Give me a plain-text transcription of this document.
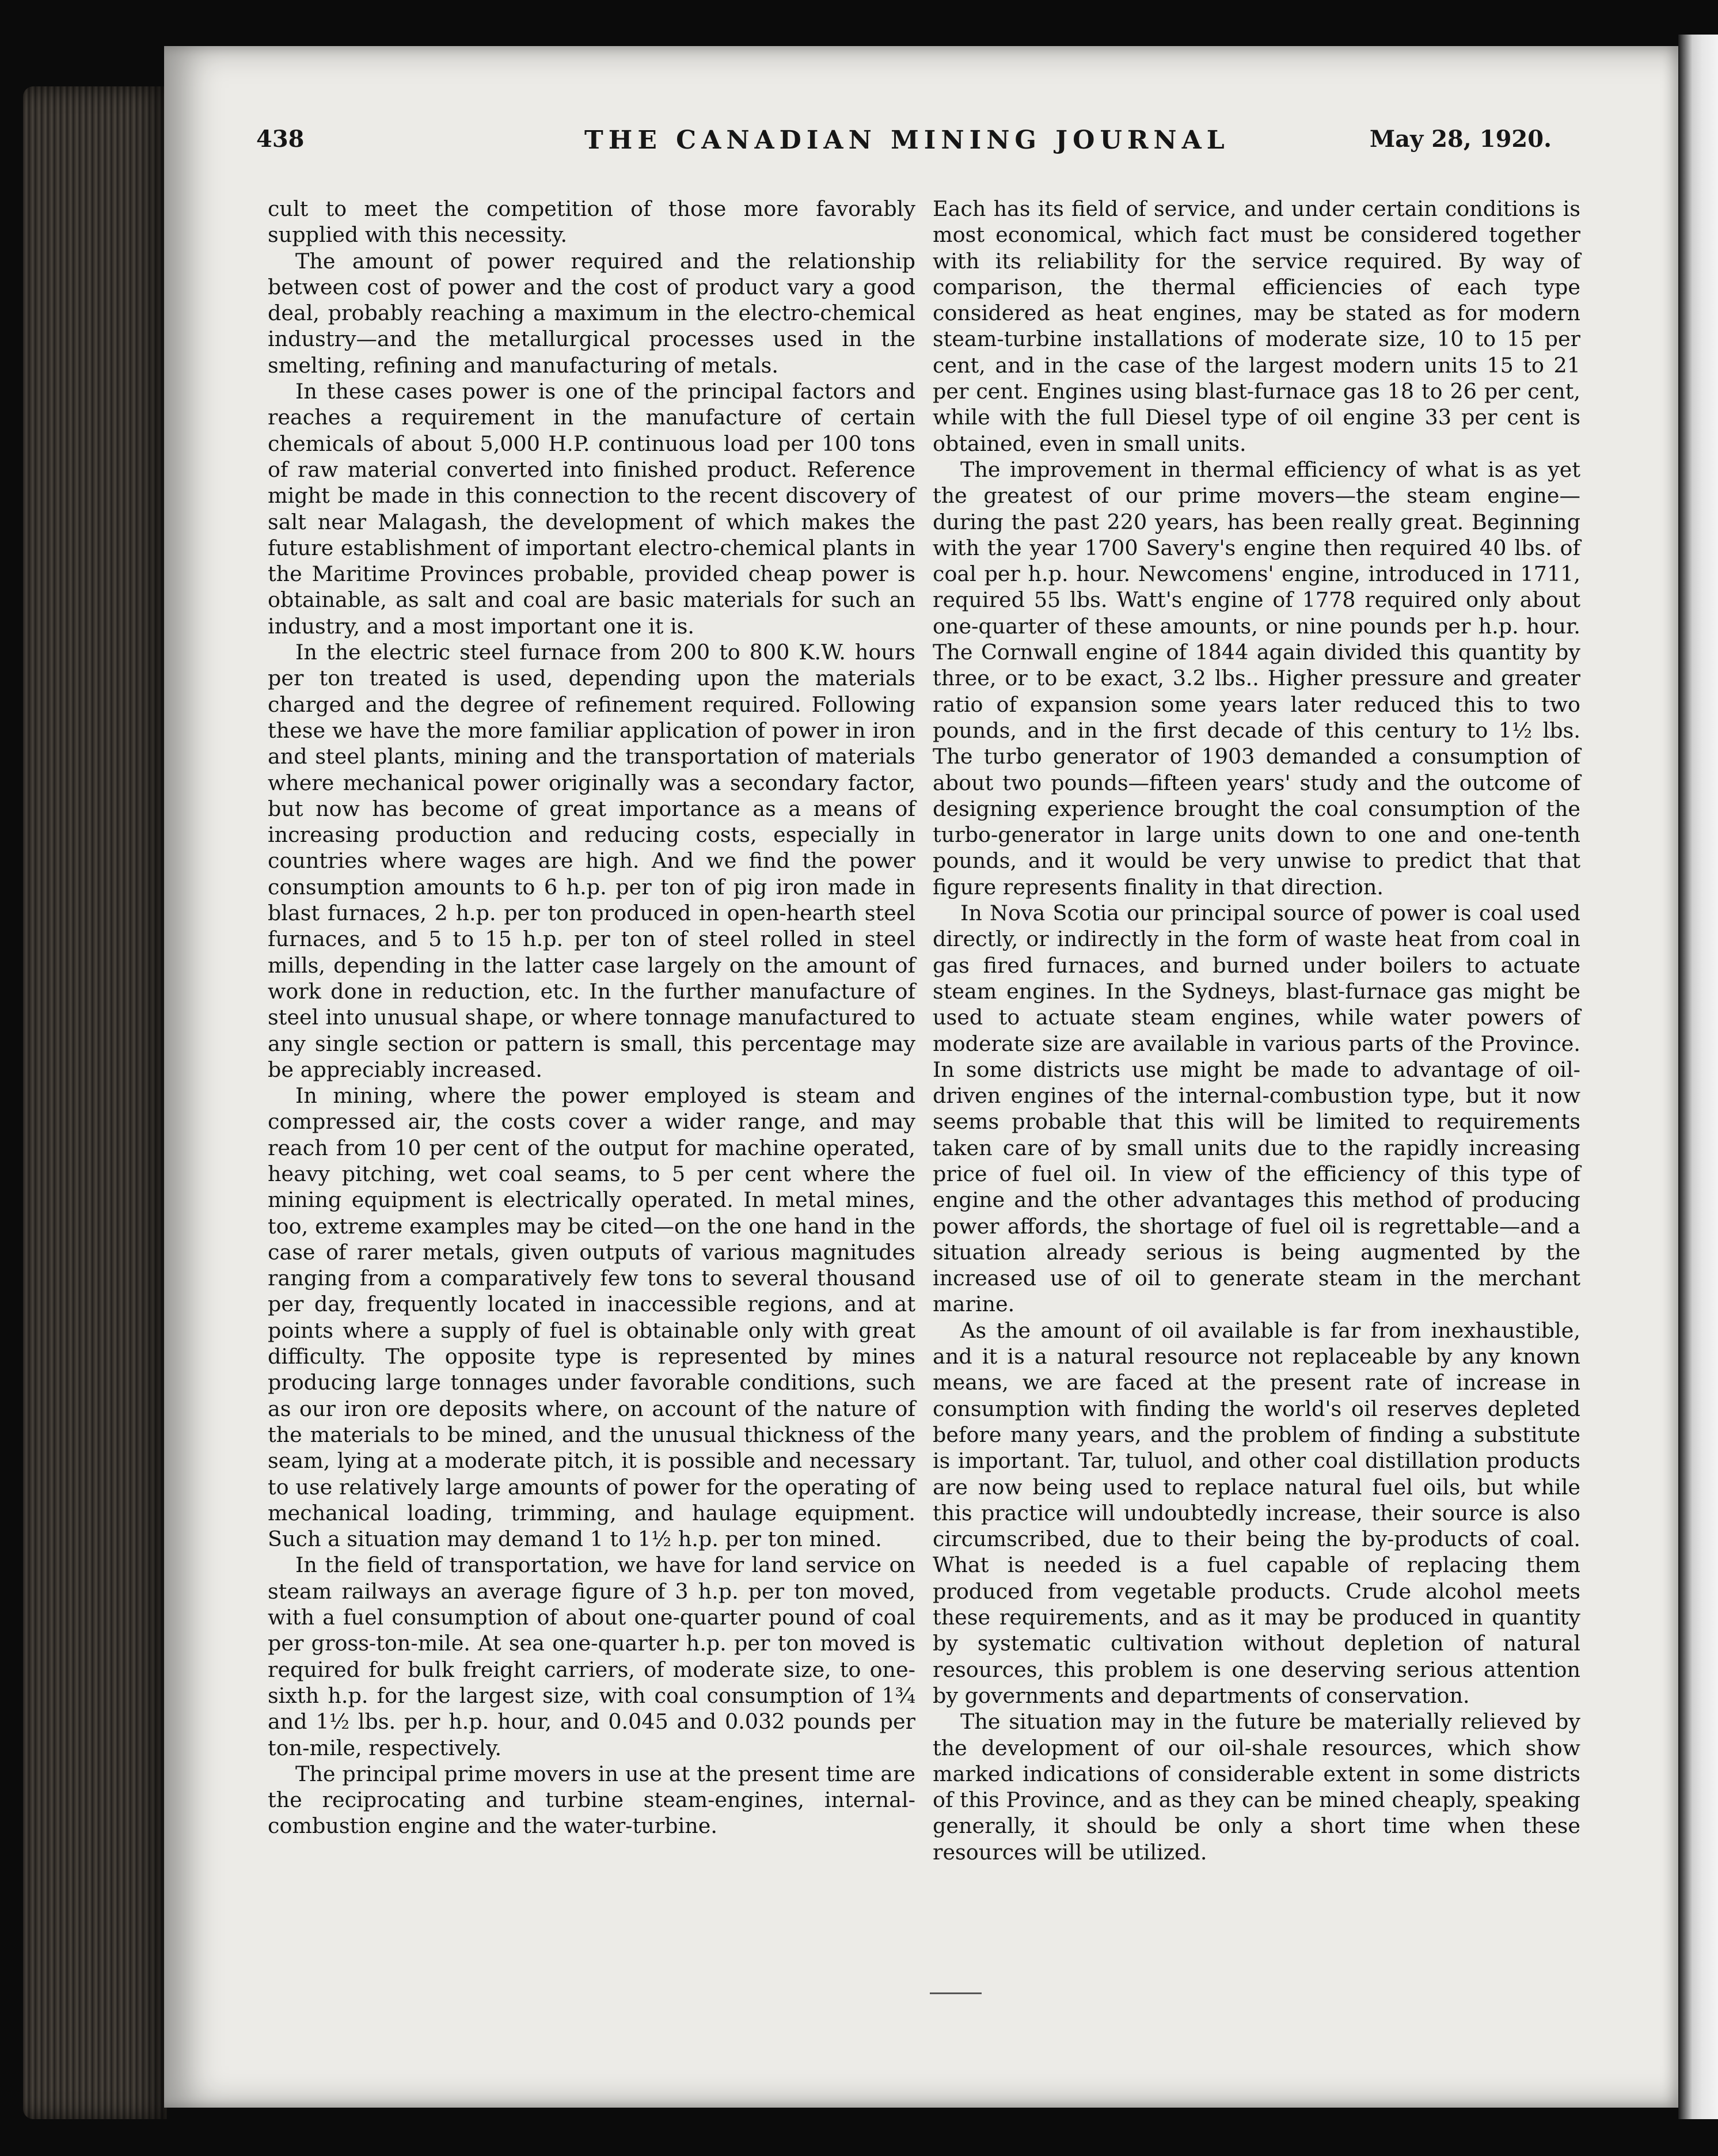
438	THE CANADIAN MINING JOURNAL	May 28, 1920.

cult to meet the competition of those more favorably supplied with this necessity.

The amount of power required and the relationship between cost of power and the cost of product vary a good deal, probably reaching a maximum in the electro-chemical industry—and the metallurgical processes used in the smelting, refining and manufacturing of metals.

In these cases power is one of the principal factors and reaches a requirement in the manufacture of certain chemicals of about 5,000 H.P. continuous load per 100 tons of raw material converted into finished product. Reference might be made in this connection to the recent discovery of salt near Malagash, the development of which makes the future establishment of important electro-chemical plants in the Maritime Provinces probable, provided cheap power is obtainable, as salt and coal are basic materials for such an industry, and a most important one it is.

In the electric steel furnace from 200 to 800 K.W. hours per ton treated is used, depending upon the materials charged and the degree of refinement required. Following these we have the more familiar application of power in iron and steel plants, mining and the transportation of materials where mechanical power originally was a secondary factor, but now has become of great importance as a means of increasing production and reducing costs, especially in countries where wages are high. And we find the power consumption amounts to 6 h.p. per ton of pig iron made in blast furnaces, 2 h.p. per ton produced in open-hearth steel furnaces, and 5 to 15 h.p. per ton of steel rolled in steel mills, depending in the latter case largely on the amount of work done in reduction, etc. In the further manufacture of steel into unusual shape, or where tonnage manufactured to any single section or pattern is small, this percentage may be appreciably increased.

In mining, where the power employed is steam and compressed air, the costs cover a wider range, and may reach from 10 per cent of the output for machine operated, heavy pitching, wet coal seams, to 5 per cent where the mining equipment is electrically operated. In metal mines, too, extreme examples may be cited—on the one hand in the case of rarer metals, given outputs of various magnitudes ranging from a comparatively few tons to several thousand per day, frequently located in inaccessible regions, and at points where a supply of fuel is obtainable only with great difficulty. The opposite type is represented by mines producing large tonnages under favorable conditions, such as our iron ore deposits where, on account of the nature of the materials to be mined, and the unusual thickness of the seam, lying at a moderate pitch, it is possible and necessary to use relatively large amounts of power for the operating of mechanical loading, trimming, and haulage equipment. Such a situation may demand 1 to 1½ h.p. per ton mined.

In the field of transportation, we have for land service on steam railways an average figure of 3 h.p. per ton moved, with a fuel consumption of about one-quarter pound of coal per gross-ton-mile. At sea one-quarter h.p. per ton moved is required for bulk freight carriers, of moderate size, to one-sixth h.p. for the largest size, with coal consumption of 1¾ and 1½ lbs. per h.p. hour, and 0.045 and 0.032 pounds per ton-mile, respectively.

The principal prime movers in use at the present time are the reciprocating and turbine steam-engines, internal-combustion engine and the water-turbine.

Each has its field of service, and under certain conditions is most economical, which fact must be considered together with its reliability for the service required. By way of comparison, the thermal efficiencies of each type considered as heat engines, may be stated as for modern steam-turbine installations of moderate size, 10 to 15 per cent, and in the case of the largest modern units 15 to 21 per cent. Engines using blast-furnace gas 18 to 26 per cent, while with the full Diesel type of oil engine 33 per cent is obtained, even in small units.

The improvement in thermal efficiency of what is as yet the greatest of our prime movers—the steam engine—during the past 220 years, has been really great. Beginning with the year 1700 Savery's engine then required 40 lbs. of coal per h.p. hour. Newcomens' engine, introduced in 1711, required 55 lbs. Watt's engine of 1778 required only about one-quarter of these amounts, or nine pounds per h.p. hour. The Cornwall engine of 1844 again divided this quantity by three, or to be exact, 3.2 lbs.. Higher pressure and greater ratio of expansion some years later reduced this to two pounds, and in the first decade of this century to 1½ lbs. The turbo generator of 1903 demanded a consumption of about two pounds—fifteen years' study and the outcome of designing experience brought the coal consumption of the turbo-generator in large units down to one and one-tenth pounds, and it would be very unwise to predict that that figure represents finality in that direction.

In Nova Scotia our principal source of power is coal used directly, or indirectly in the form of waste heat from coal in gas fired furnaces, and burned under boilers to actuate steam engines. In the Sydneys, blast-furnace gas might be used to actuate steam engines, while water powers of moderate size are available in various parts of the Province. In some districts use might be made to advantage of oil-driven engines of the internal-combustion type, but it now seems probable that this will be limited to requirements taken care of by small units due to the rapidly increasing price of fuel oil. In view of the efficiency of this type of engine and the other advantages this method of producing power affords, the shortage of fuel oil is regrettable—and a situation already serious is being augmented by the increased use of oil to generate steam in the merchant marine.

As the amount of oil available is far from inexhaustible, and it is a natural resource not replaceable by any known means, we are faced at the present rate of increase in consumption with finding the world's oil reserves depleted before many years, and the problem of finding a substitute is important. Tar, tuluol, and other coal distillation products are now being used to replace natural fuel oils, but while this practice will undoubtedly increase, their source is also circumscribed, due to their being the by-products of coal. What is needed is a fuel capable of replacing them produced from vegetable products. Crude alcohol meets these requirements, and as it may be produced in quantity by systematic cultivation without depletion of natural resources, this problem is one deserving serious attention by governments and departments of conservation.

The situation may in the future be materially relieved by the development of our oil-shale resources, which show marked indications of considerable extent in some districts of this Province, and as they can be mined cheaply, speaking generally, it should be only a short time when these resources will be utilized.
